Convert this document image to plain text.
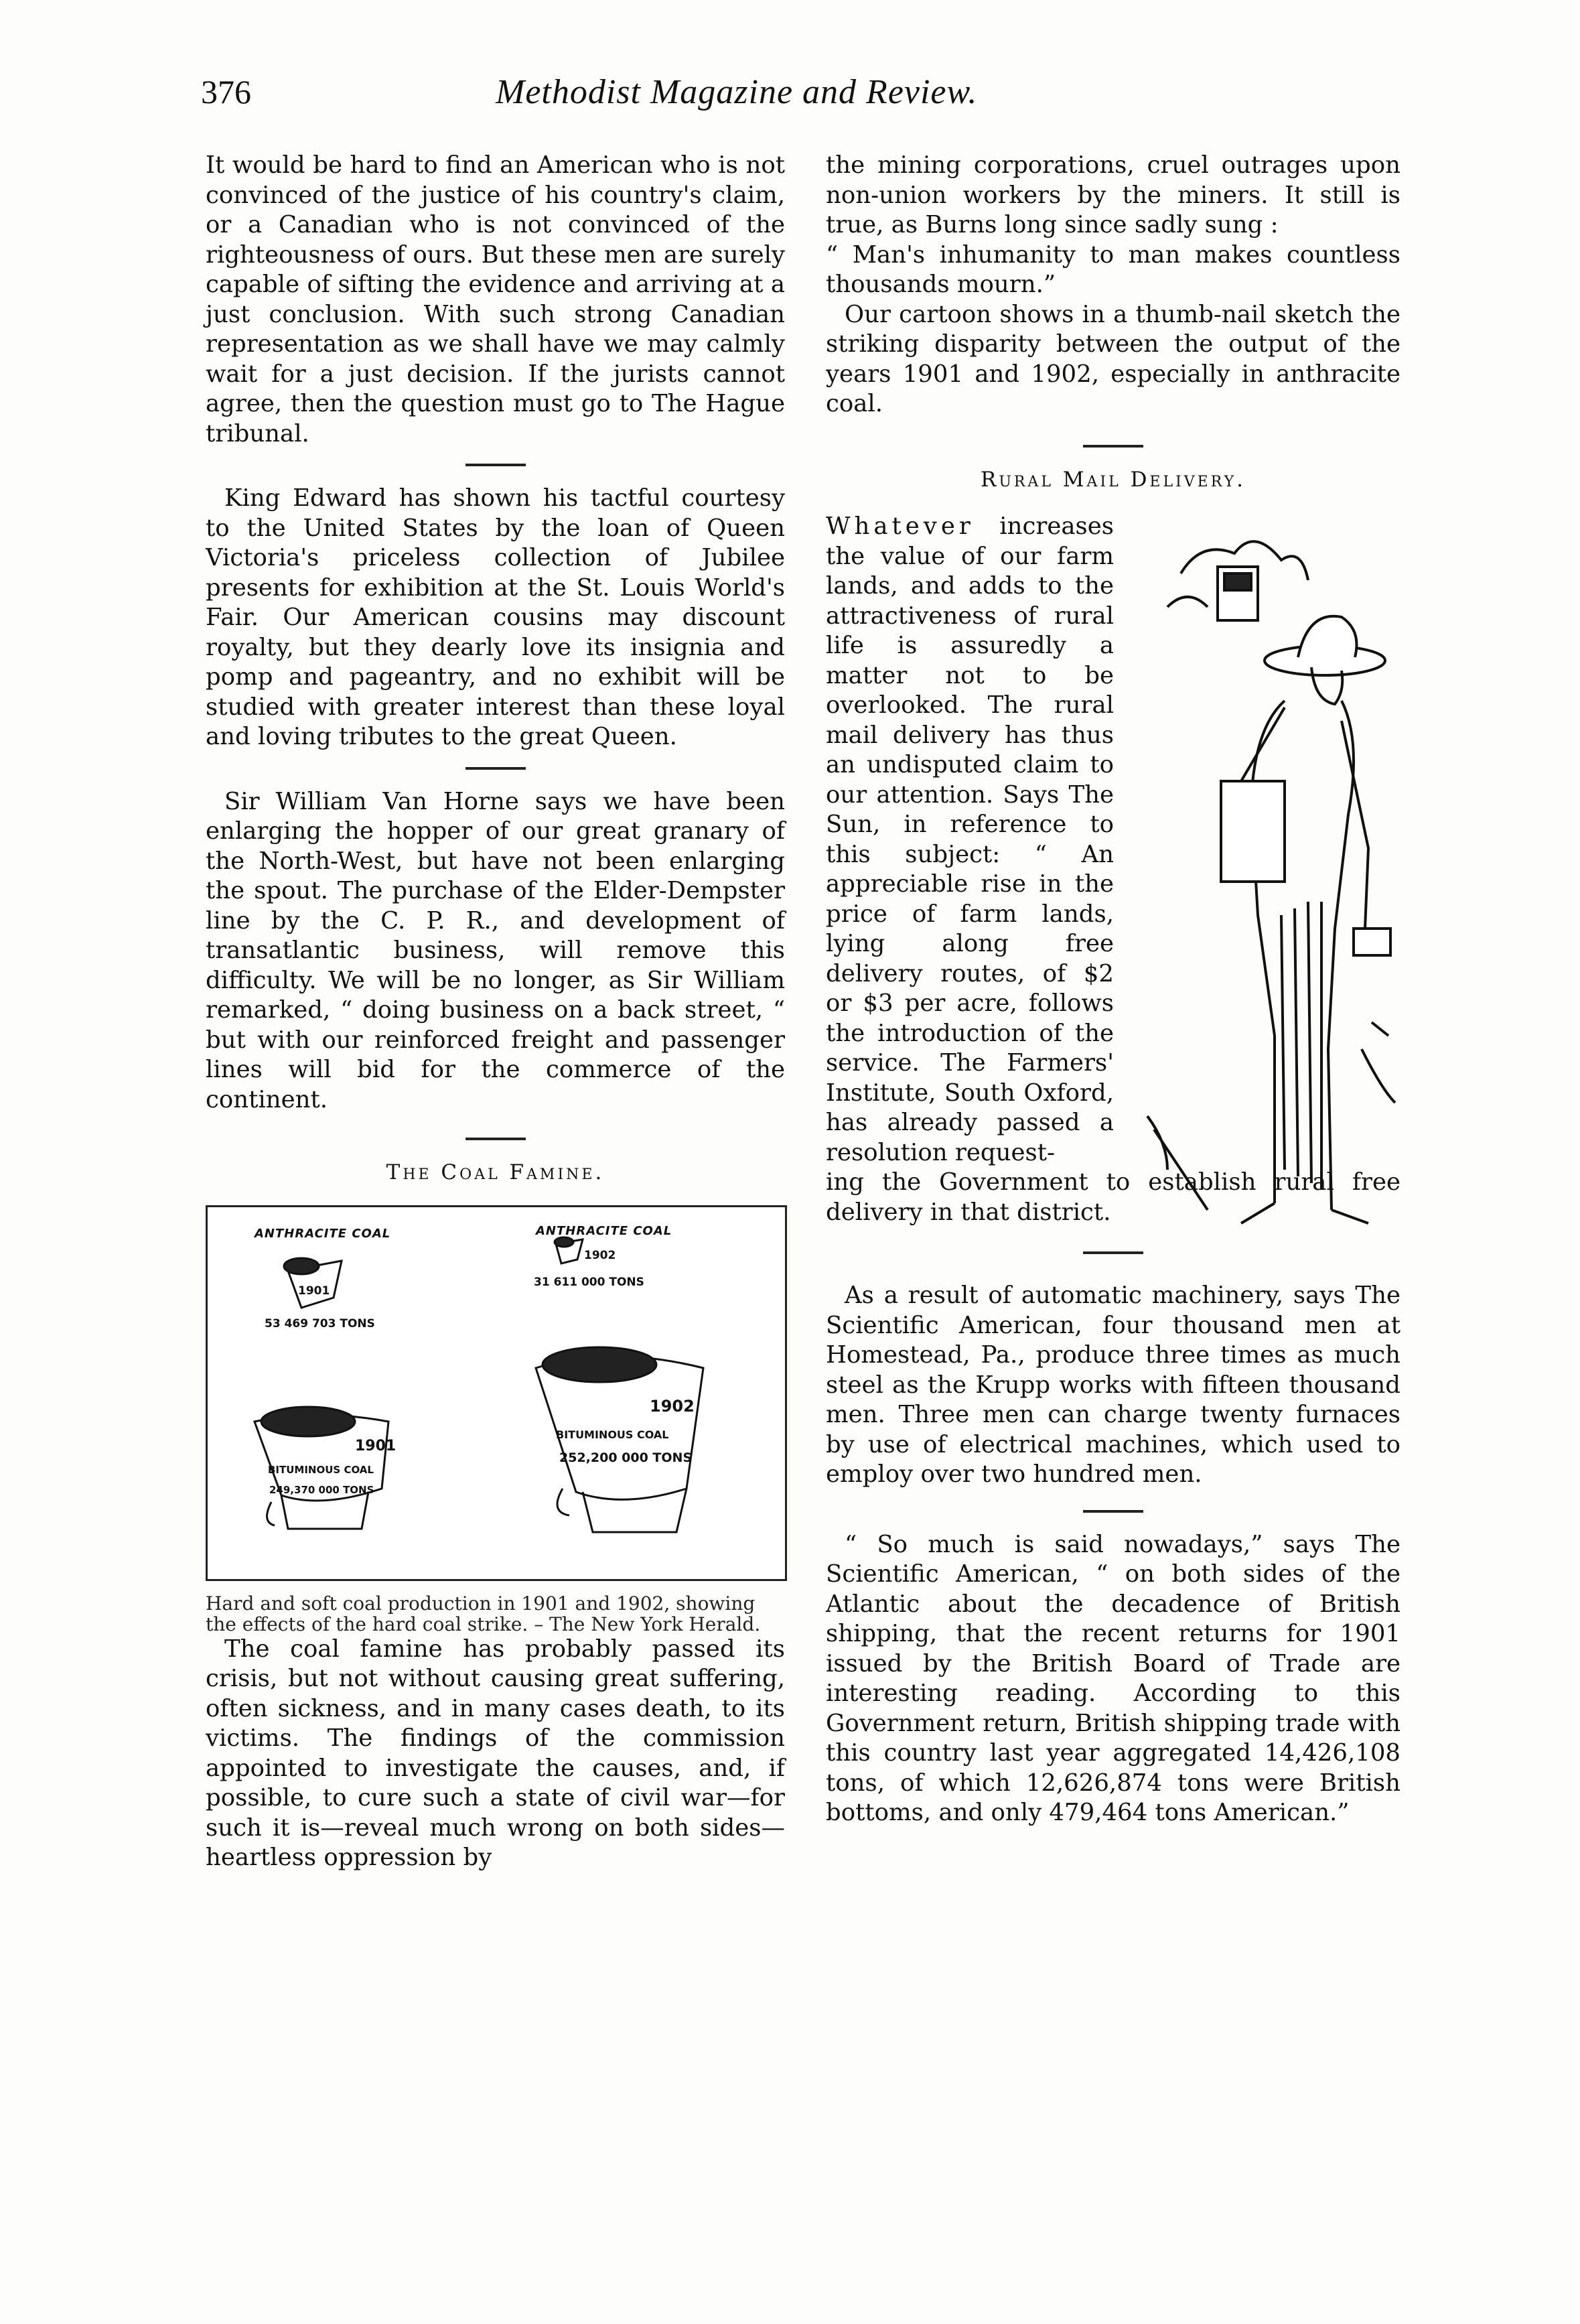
376	Methodist Magazine and Review.

It would be hard to find an American who is not convinced of the justice of his country's claim, or a Canadian who is not convinced of the righteousness of ours. But these men are surely capable of sifting the evidence and arriving at a just conclusion. With such strong Canadian representation as we shall have we may calmly wait for a just decision. If the jurists cannot agree, then the question must go to The Hague tribunal.

King Edward has shown his tactful courtesy to the United States by the loan of Queen Victoria's priceless collection of Jubilee presents for exhibition at the St. Louis World's Fair. Our American cousins may discount royalty, but they dearly love its insignia and pomp and pageantry, and no exhibit will be studied with greater interest than these loyal and loving tributes to the great Queen.

Sir William Van Horne says we have been enlarging the hopper of our great granary of the North-West, but have not been enlarging the spout. The purchase of the Elder-Dempster line by the C. P. R., and development of transatlantic business, will remove this difficulty. We will be no longer, as Sir William remarked, “ doing business on a back street, “ but with our reinforced freight and passenger lines will bid for the commerce of the continent.

The Coal Famine.
ANTHRACITE COAL
1901
53 469 703 TONS
ANTHRACITE COAL
1902
31 611 000 TONS
1901
BITUMINOUS COAL
249,370 000 TONS
1902
BITUMINOUS COAL
252,200 000 TONS

Hard and soft coal production in 1901 and 1902, showing the effects of the hard coal strike. – The New York Herald.

The coal famine has probably passed its crisis, but not without causing great suffering, often sickness, and in many cases death, to its victims. The findings of the commission appointed to investigate the causes, and, if possible, to cure such a state of civil war—for such it is—reveal much wrong on both sides—heartless oppression by

the mining corporations, cruel outrages upon non-union workers by the miners. It still is true, as Burns long since sadly sung :

“ Man's inhumanity to man makes countless thousands mourn.”

Our cartoon shows in a thumb-nail sketch the striking disparity between the output of the years 1901 and 1902, especially in anthracite coal.

Rural Mail Delivery.
Whatever increases the value of our farm lands, and adds to the attractiveness of rural life is assuredly a matter not to be overlooked. The rural mail delivery has thus an undisputed claim to our attention. Says The Sun, in reference to this subject: “ An appreciable rise in the price of farm lands, lying along free delivery routes, of $2 or $3 per acre, follows the introduction of the service. The Farmers' Institute, South Oxford, has already passed a resolution request-

ing the Government to establish rural free delivery in that district.

As a result of automatic machinery, says The Scientific American, four thousand men at Homestead, Pa., produce three times as much steel as the Krupp works with fifteen thousand men. Three men can charge twenty furnaces by use of electrical machines, which used to employ over two hundred men.

“ So much is said nowadays,” says The Scientific American, “ on both sides of the Atlantic about the decadence of British shipping, that the recent returns for 1901 issued by the British Board of Trade are interesting reading. According to this Government return, British shipping trade with this country last year aggregated 14,426,108 tons, of which 12,626,874 tons were British bottoms, and only 479,464 tons American.”
